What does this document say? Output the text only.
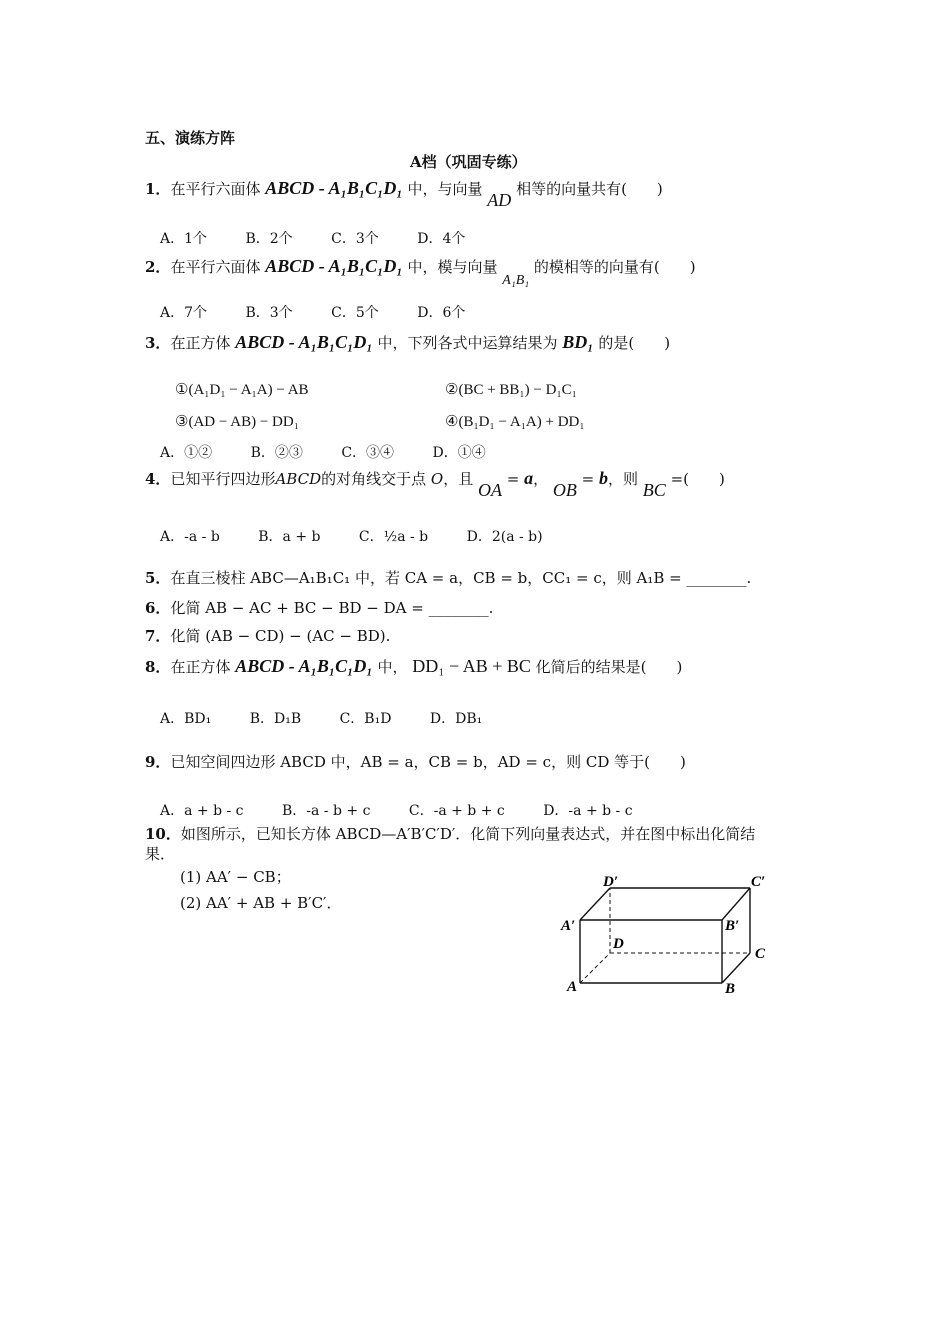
五、演练方阵
A档（巩固专练）
1．在平行六面体 ABCD - A₁B₁C₁D₁ 中，与向量 AD 相等的向量共有(　　)
A．1个	B．2个	C．3个	D．4个
2．在平行六面体 ABCD - A₁B₁C₁D₁ 中，模与向量 A₁B₁ 的模相等的向量有(　　)
A．7个	B．3个	C．5个	D．6个
3．在正方体 ABCD - A₁B₁C₁D₁ 中，下列各式中运算结果为 BD₁ 的是(　　)
①(A₁D₁ − A₁A) − AB	②(BC + BB₁) − D₁C₁
③(AD − AB) − DD₁	④(B₁D₁ − A₁A) + DD₁
A．①②	B．②③	C．③④	D．①④
4．已知平行四边形ABCD的对角线交于点 O，且 OA = a， OB = b，则 BC =(　　)
A．-a - b	B．a + b	C．½a - b	D．2(a - b)
5．在直三棱柱 ABC—A₁B₁C₁ 中，若 CA = a，CB = b，CC₁ = c，则 A₁B = ________.
6．化简 AB − AC + BC − BD − DA = ________.
7．化简 (AB − CD) − (AC − BD).
8．在正方体 ABCD - A₁B₁C₁D₁ 中， DD₁ − AB + BC 化简后的结果是(　　)
A．BD₁	B．D₁B	C．B₁D	D．DB₁
9．已知空间四边形 ABCD 中，AB = a，CB = b，AD = c，则 CD 等于(　　)
A．a + b - c	B．-a - b + c	C．-a + b + c	D．-a + b - c
10．如图所示，已知长方体 ABCD—A′B′C′D′．化简下列向量表达式，并在图中标出化简结
果．
(1) AA′ − CB；
(2) AA′ + AB + B′C′．
A	B
C
D
A′	B′
C′
D′
